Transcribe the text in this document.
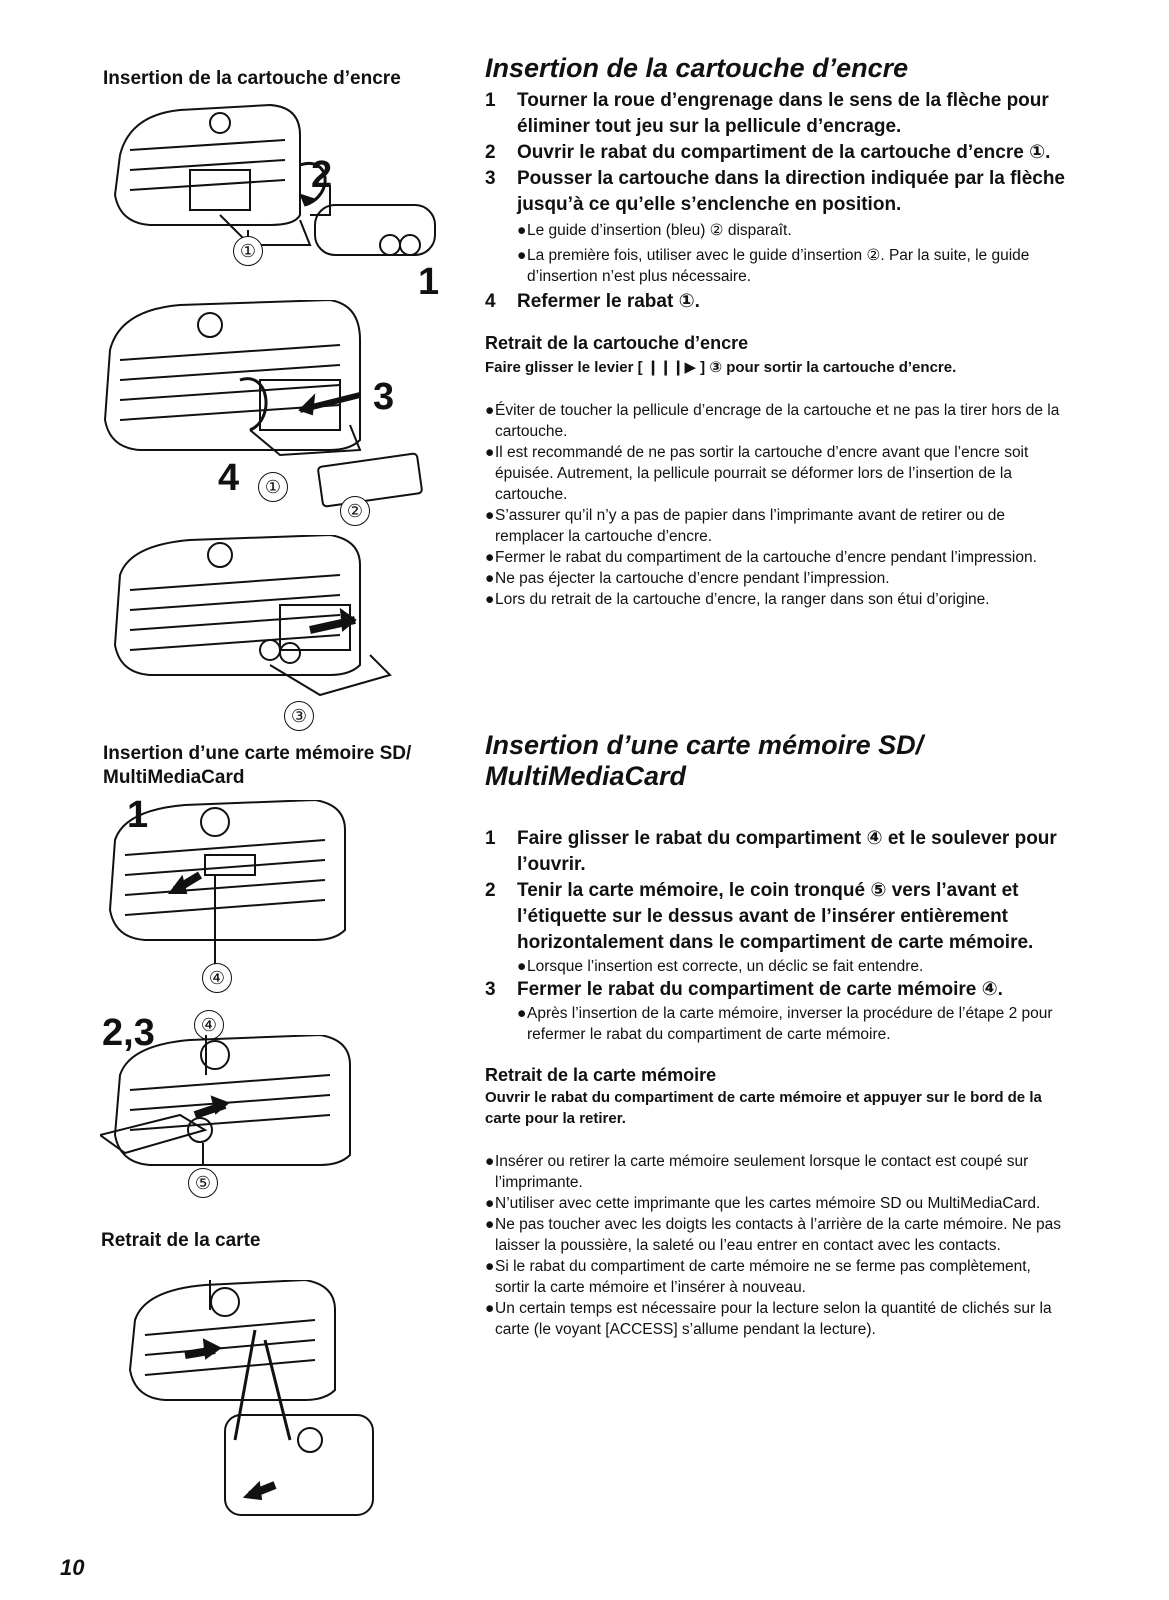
Insertion de la cartouche d’encre
2
1
①
3
4	①
②
③
Insertion d’une carte mémoire SD/ MultiMediaCard
1
④
2,3	④
⑤
Retrait de la carte
10
Insertion de la cartouche d’encre
1	Tourner la roue d’engrenage dans le sens de la flèche pour éliminer tout jeu sur la pellicule d’encrage.
2	Ouvrir le rabat du compartiment de la cartouche d’encre ①.
3	Pousser la cartouche dans la direction indiquée par la flèche jusqu’à ce qu’elle s’enclenche en position.
● Le guide d’insertion (bleu) ② disparaît.
● La première fois, utiliser avec le guide d’insertion ②. Par la suite, le guide d’insertion n’est plus nécessaire.
4	Refermer le rabat ①.
Retrait de la cartouche d’encre
Faire glisser le levier [ ❙❙❙▶ ] ③ pour sortir la cartouche d’encre.
● Éviter de toucher la pellicule d’encrage de la cartouche et ne pas la tirer hors de la cartouche.
● Il est recommandé de ne pas sortir la cartouche d’encre avant que l’encre soit épuisée. Autrement, la pellicule pourrait se déformer lors de l’insertion de la cartouche.
● S’assurer qu’il n’y a pas de papier dans l’imprimante avant de retirer ou de remplacer la cartouche d’encre.
● Fermer le rabat du compartiment de la cartouche d’encre pendant l’impression.
● Ne pas éjecter la cartouche d’encre pendant l’impression.
● Lors du retrait de la cartouche d’encre, la ranger dans son étui d’origine.
Insertion d’une carte mémoire SD/
MultiMediaCard
1	Faire glisser le rabat du compartiment ④ et le soulever pour l’ouvrir.
2	Tenir la carte mémoire, le coin tronqué ⑤ vers l’avant et l’étiquette sur le dessus avant de l’insérer entièrement horizontalement dans le compartiment de carte mémoire.
● Lorsque l’insertion est correcte, un déclic se fait entendre.
3	Fermer le rabat du compartiment de carte mémoire ④.
● Après l’insertion de la carte mémoire, inverser la procédure de l’étape 2 pour refermer le rabat du compartiment de carte mémoire.
Retrait de la carte mémoire
Ouvrir le rabat du compartiment de carte mémoire et appuyer sur le bord de la carte pour la retirer.
● Insérer ou retirer la carte mémoire seulement lorsque le contact est coupé sur l’imprimante.
● N’utiliser avec cette imprimante que les cartes mémoire SD ou MultiMediaCard.
● Ne pas toucher avec les doigts les contacts à l’arrière de la carte mémoire. Ne pas laisser la poussière, la saleté ou l’eau entrer en contact avec les contacts.
● Si le rabat du compartiment de carte mémoire ne se ferme pas complètement, sortir la carte mémoire et l’insérer à nouveau.
● Un certain temps est nécessaire pour la lecture selon la quantité de clichés sur la carte (le voyant [ACCESS] s’allume pendant la lecture).
